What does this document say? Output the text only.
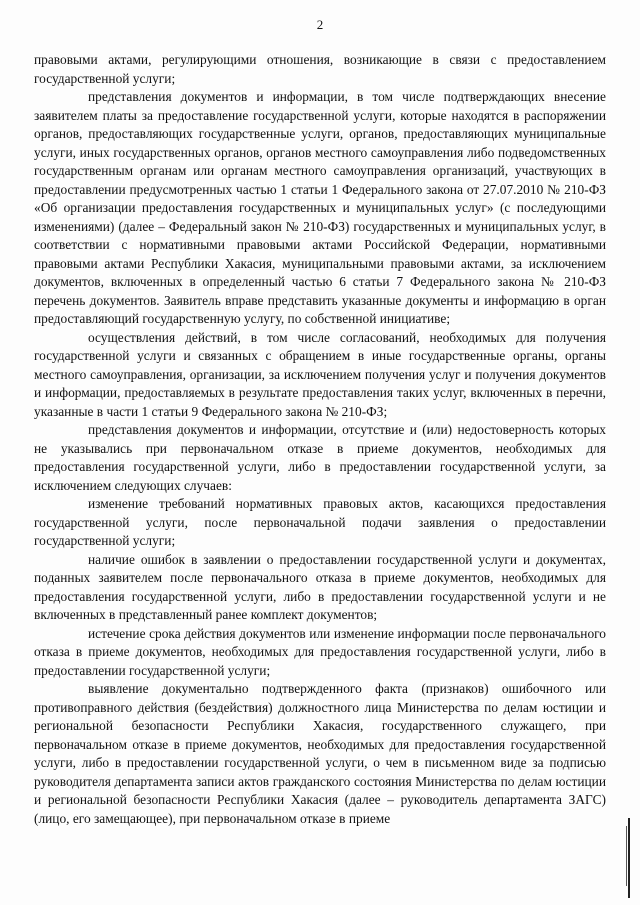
2

правовыми актами, регулирующими отношения, возникающие в связи с предоставлением государственной услуги;

представления документов и информации, в том числе подтверждающих внесение заявителем платы за предоставление государственной услуги, которые находятся в распоряжении органов, предоставляющих государственные услуги, органов, предоставляющих муниципальные услуги, иных государственных органов, органов местного самоуправления либо подведомственных государственным органам или органам местного самоуправления организаций, участвующих в предоставлении предусмотренных частью 1 статьи 1 Федерального закона от 27.07.2010 № 210-ФЗ «Об организации предоставления государственных и муниципальных услуг» (с последующими изменениями) (далее – Федеральный закон № 210-ФЗ) государственных и муниципальных услуг, в соответствии с нормативными правовыми актами Российской Федерации, нормативными правовыми актами Республики Хакасия, муниципальными правовыми актами, за исключением документов, включенных в определенный частью 6 статьи 7 Федерального закона № 210-ФЗ перечень документов. Заявитель вправе представить указанные документы и информацию в орган предоставляющий государственную услугу, по собственной инициативе;

осуществления действий, в том числе согласований, необходимых для получения государственной услуги и связанных с обращением в иные государственные органы, органы местного самоуправления, организации, за исключением получения услуг и получения документов и информации, предоставляемых в результате предоставления таких услуг, включенных в перечни, указанные в части 1 статьи 9 Федерального закона № 210-ФЗ;

представления документов и информации, отсутствие и (или) недостоверность которых не указывались при первоначальном отказе в приеме документов, необходимых для предоставления государственной услуги, либо в предоставлении государственной услуги, за исключением следующих случаев:

изменение требований нормативных правовых актов, касающихся предоставления государственной услуги, после первоначальной подачи заявления о предоставлении государственной услуги;

наличие ошибок в заявлении о предоставлении государственной услуги и документах, поданных заявителем после первоначального отказа в приеме документов, необходимых для предоставления государственной услуги, либо в предоставлении государственной услуги и не включенных в представленный ранее комплект документов;

истечение срока действия документов или изменение информации после первоначального отказа в приеме документов, необходимых для предоставления государственной услуги, либо в предоставлении государственной услуги;

выявление документально подтвержденного факта (признаков) ошибочного или противоправного действия (бездействия) должностного лица Министерства по делам юстиции и региональной безопасности Республики Хакасия, государственного служащего, при первоначальном отказе в приеме документов, необходимых для предоставления государственной услуги, либо в предоставлении государственной услуги, о чем в письменном виде за подписью руководителя департамента записи актов гражданского состояния Министерства по делам юстиции и региональной безопасности Республики Хакасия (далее – руководитель департамента ЗАГС) (лицо, его замещающее), при первоначальном отказе в приеме
